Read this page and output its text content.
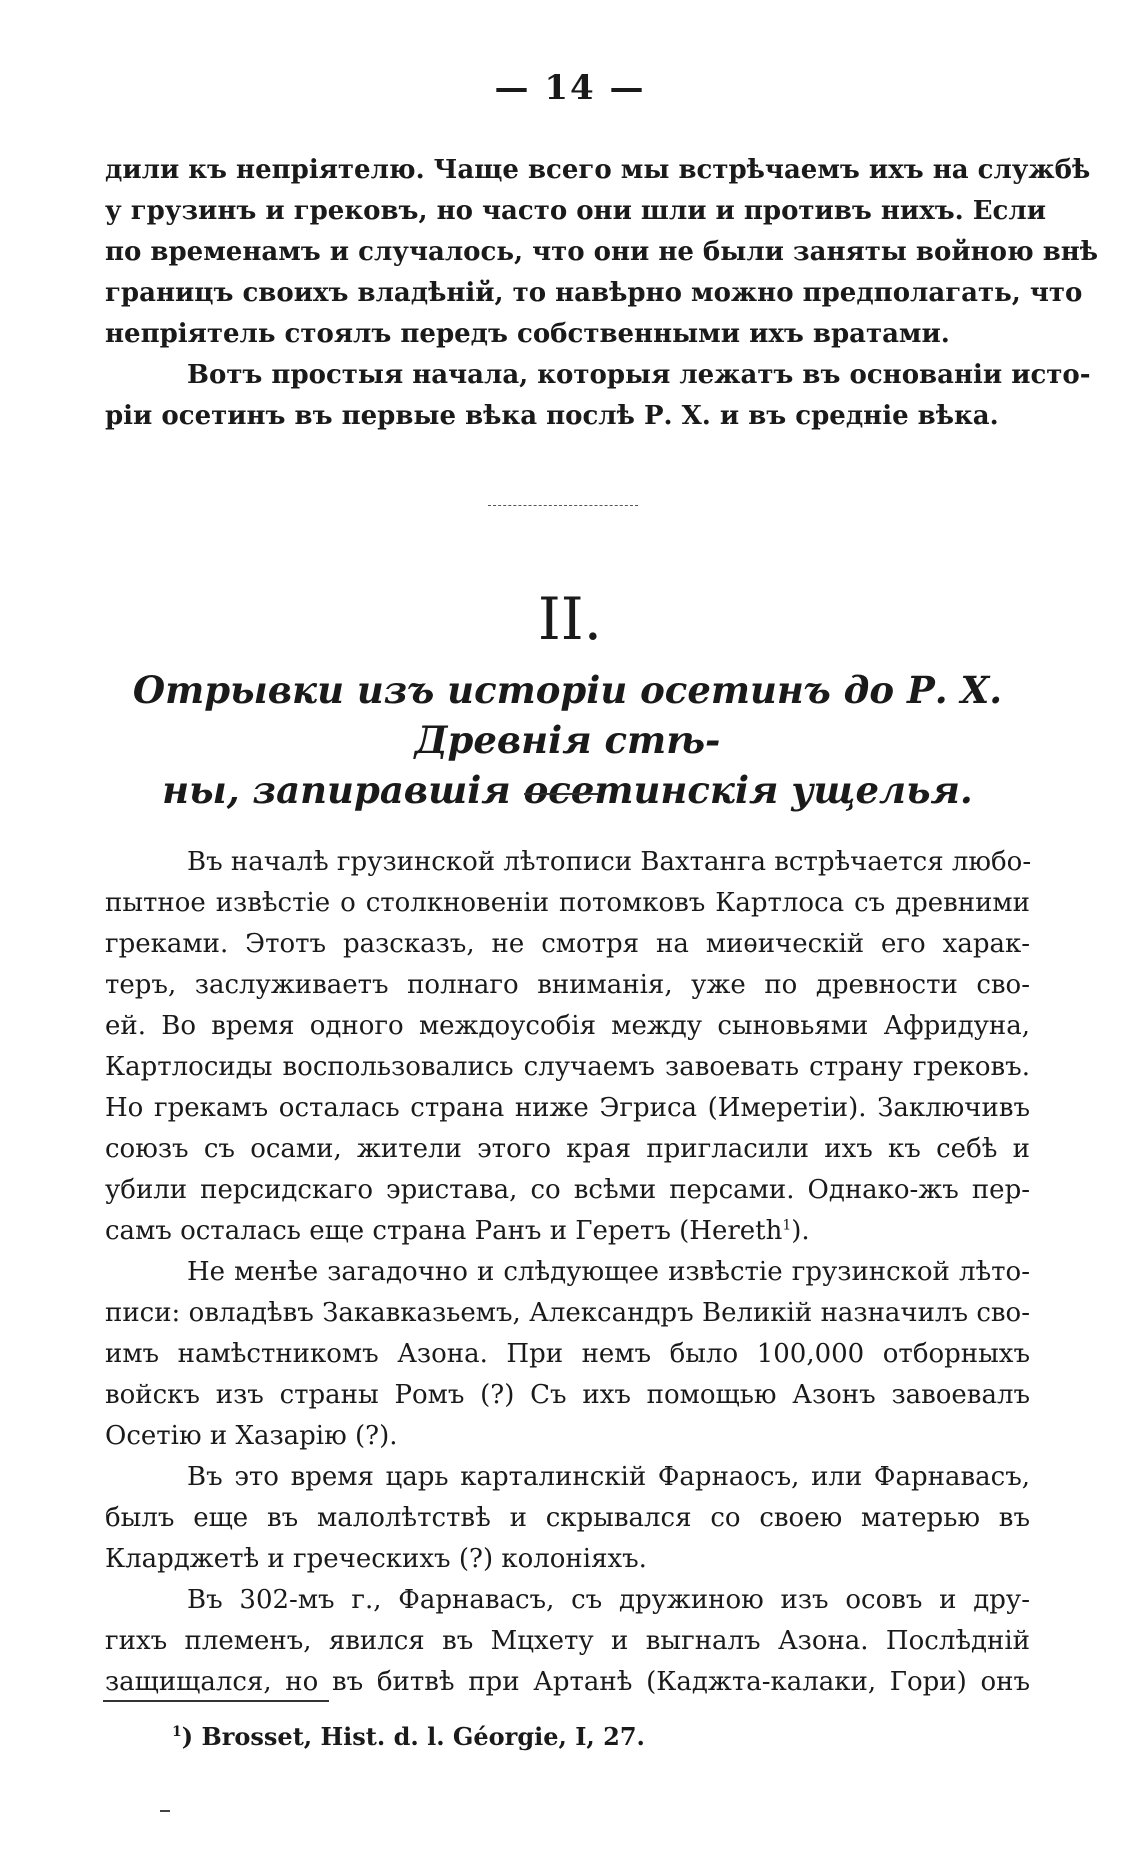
— 14 —
дили къ непріятелю. Чаще всего мы встрѣчаемъ ихъ на службѣ
у грузинъ и грековъ, но часто они шли и противъ нихъ. Если
по временамъ и случалось, что они не были заняты войною внѣ
границъ своихъ владѣній, то навѣрно можно предполагать, что
непріятель стоялъ передъ собственными ихъ вратами.
Вотъ простыя начала, которыя лежатъ въ основаніи исто-
ріи осетинъ въ первые вѣка послѣ Р. Х. и въ средніе вѣка.
II.
Отрывки изъ исторіи осетинъ до Р. Х. Древнія стѣ-
ны, запиравшія осетинскія ущелья.
Въ началѣ грузинской лѣтописи Вахтанга встрѣчается любо-
пытное извѣстіе о столкновеніи потомковъ Картлоса съ древними
греками. Этотъ разсказъ, не смотря на миѳическій его харак-
теръ, заслуживаетъ полнаго вниманія, уже по древности сво-
ей. Во время одного междоусобія между сыновьями Афридуна,
Картлосиды воспользовались случаемъ завоевать страну грековъ.
Но грекамъ осталась страна ниже Эгриса (Имеретіи). Заключивъ
союзъ съ осами, жители этого края пригласили ихъ къ себѣ и
убили персидскаго эристава, со всѣми персами. Однако-жъ пер-
самъ осталась еще страна Ранъ и Геретъ (Hereth$^1$).
Не менѣе загадочно и слѣдующее извѣстіе грузинской лѣто-
писи: овладѣвъ Закавказьемъ, Александръ Великій назначилъ сво-
имъ намѣстникомъ Азона. При немъ было 100,000 отборныхъ
войскъ изъ страны Ромъ (?) Съ ихъ помощью Азонъ завоевалъ
Осетію и Хазарію (?).
Въ это время царь карталинскій Фарнаосъ, или Фарнавасъ,
былъ еще въ малолѣтствѣ и скрывался со своею матерью въ
Кларджетѣ и греческихъ (?) колоніяхъ.
Въ 302-мъ г., Фарнавасъ, съ дружиною изъ осовъ и дру-
гихъ племенъ, явился въ Мцхету и выгналъ Азона. Послѣдній
защищался, но въ битвѣ при Артанѣ (Каджта-калаки, Гори) онъ
$^1$) Brosset, Hist. d. l. Géorgie, I, 27.
